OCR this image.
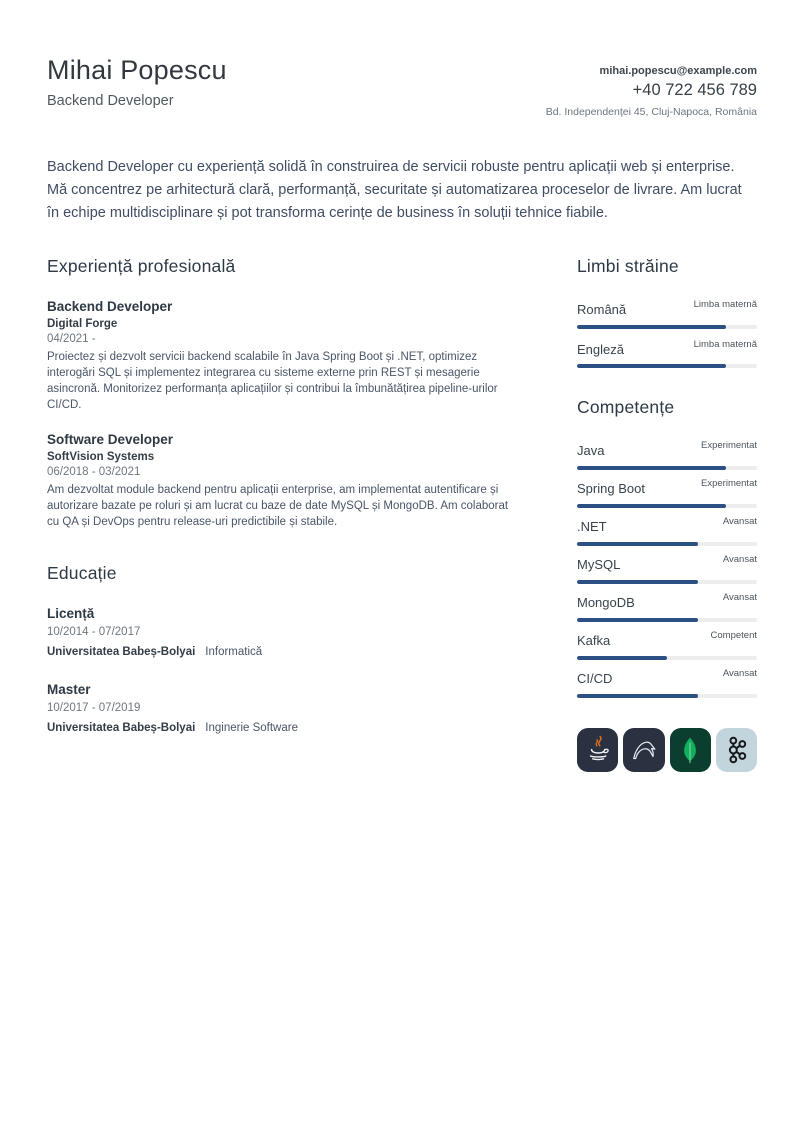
Mihai Popescu
Backend Developer
mihai.popescu@example.com
+40 722 456 789
Bd. Independenței 45, Cluj-Napoca, România

Backend Developer cu experiență solidă în construirea de servicii robuste pentru aplicații web și enterprise. Mă concentrez pe arhitectură clară, performanță, securitate și automatizarea proceselor de livrare. Am lucrat în echipe multidisciplinare și pot transforma cerințe de business în soluții tehnice fiabile.

Experiență profesională
Backend Developer
Digital Forge
04/2021 -
Proiectez și dezvolt servicii backend scalabile în Java Spring Boot și .NET, optimizez interogări SQL și implementez integrarea cu sisteme externe prin REST și mesagerie asincronă. Monitorizez performanța aplicațiilor și contribui la îmbunătățirea pipeline-urilor CI/CD.
Software Developer
SoftVision Systems
06/2018 - 03/2021
Am dezvoltat module backend pentru aplicații enterprise, am implementat autentificare și autorizare bazate pe roluri și am lucrat cu baze de date MySQL și MongoDB. Am colaborat cu QA și DevOps pentru release-uri predictibile și stabile.
Educație
Licență
10/2014 - 07/2017
Universitatea Babeș-Bolyai Informatică
Master
10/2017 - 07/2019
Universitatea Babeș-Bolyai Inginerie Software
Limbi străine
Română	Limba maternă
Engleză	Limba maternă
Competențe
Java	Experimentat
Spring Boot	Experimentat
.NET	Avansat
MySQL	Avansat
MongoDB	Avansat
Kafka	Competent
CI/CD	Avansat
